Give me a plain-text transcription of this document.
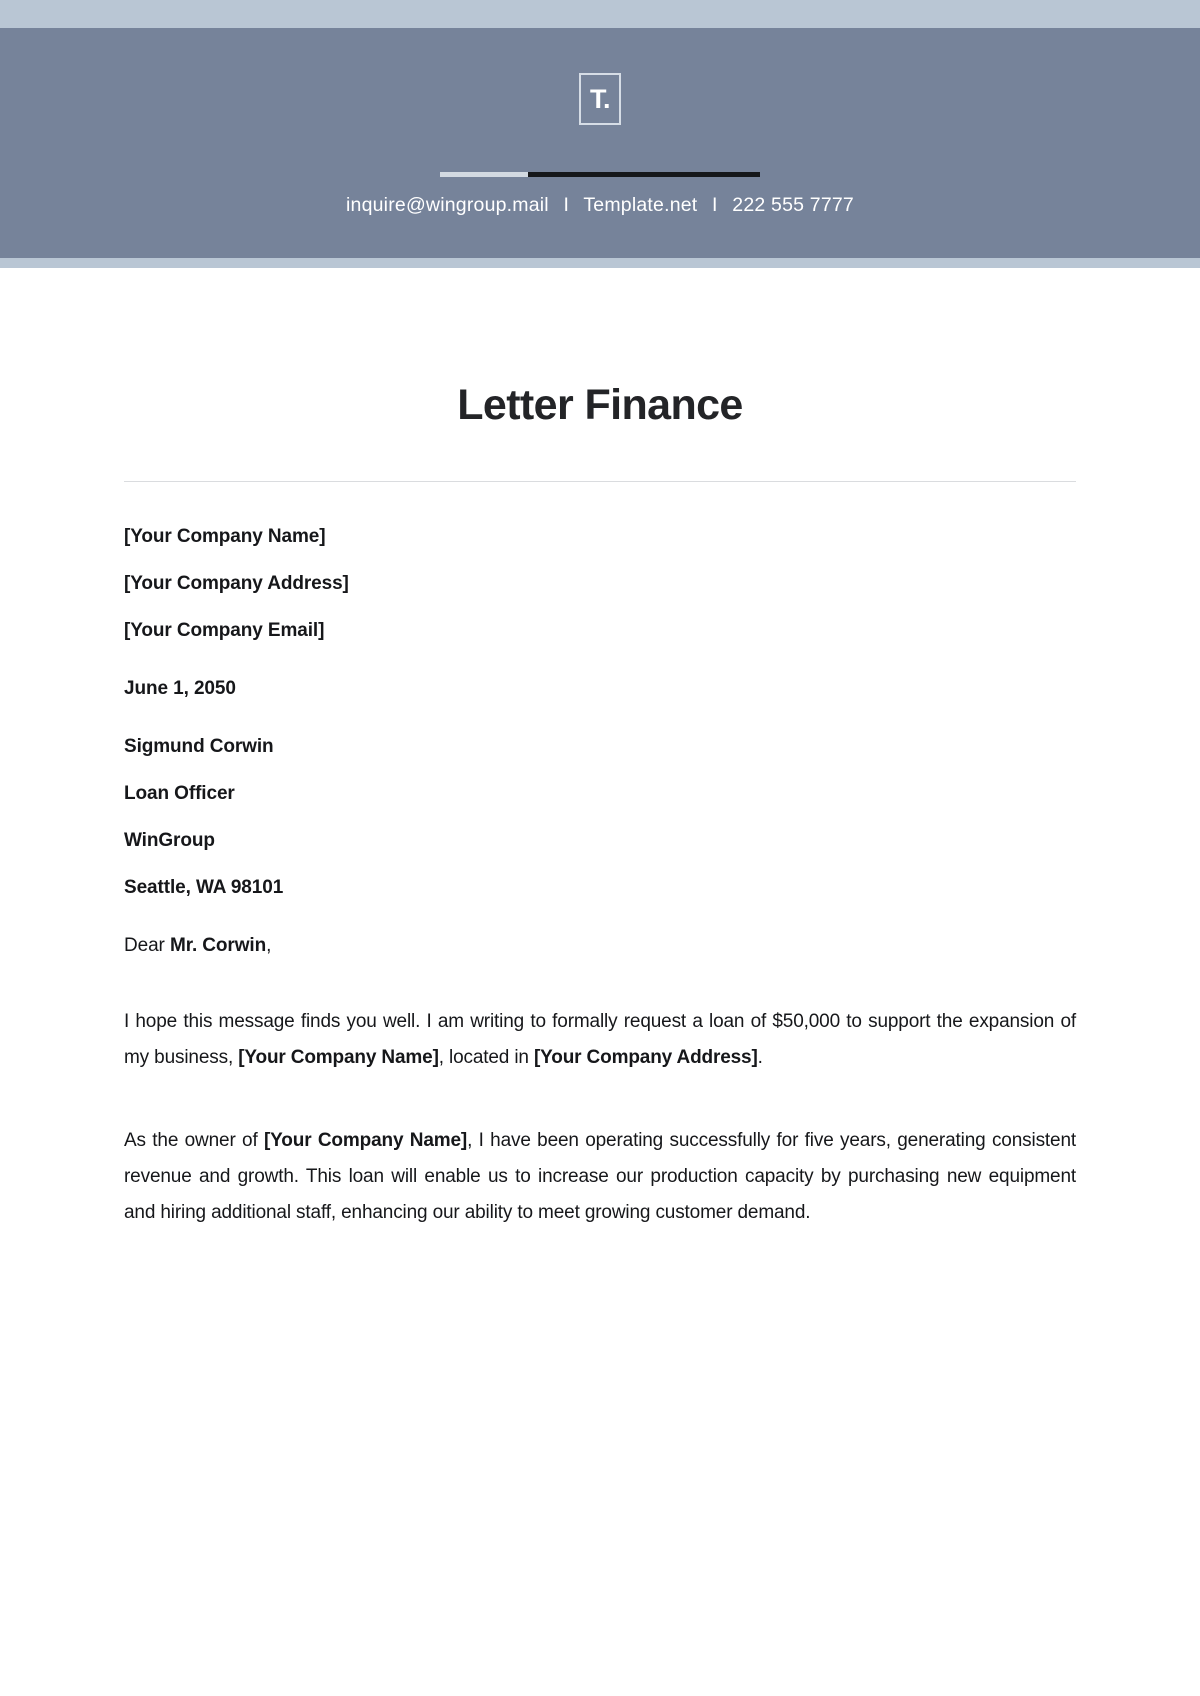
T.
inquire@wingroup.mail I Template.net I 222 555 7777
Letter Finance
[Your Company Name]
[Your Company Address]
[Your Company Email]
June 1, 2050
Sigmund Corwin
Loan Officer
WinGroup
Seattle, WA 98101
Dear Mr. Corwin,
I hope this message finds you well. I am writing to formally request a loan of $50,000 to support the expansion of my business, [Your Company Name], located in [Your Company Address].
As the owner of [Your Company Name], I have been operating successfully for five years, generating consistent revenue and growth. This loan will enable us to increase our production capacity by purchasing new equipment and hiring additional staff, enhancing our ability to meet growing customer demand.
